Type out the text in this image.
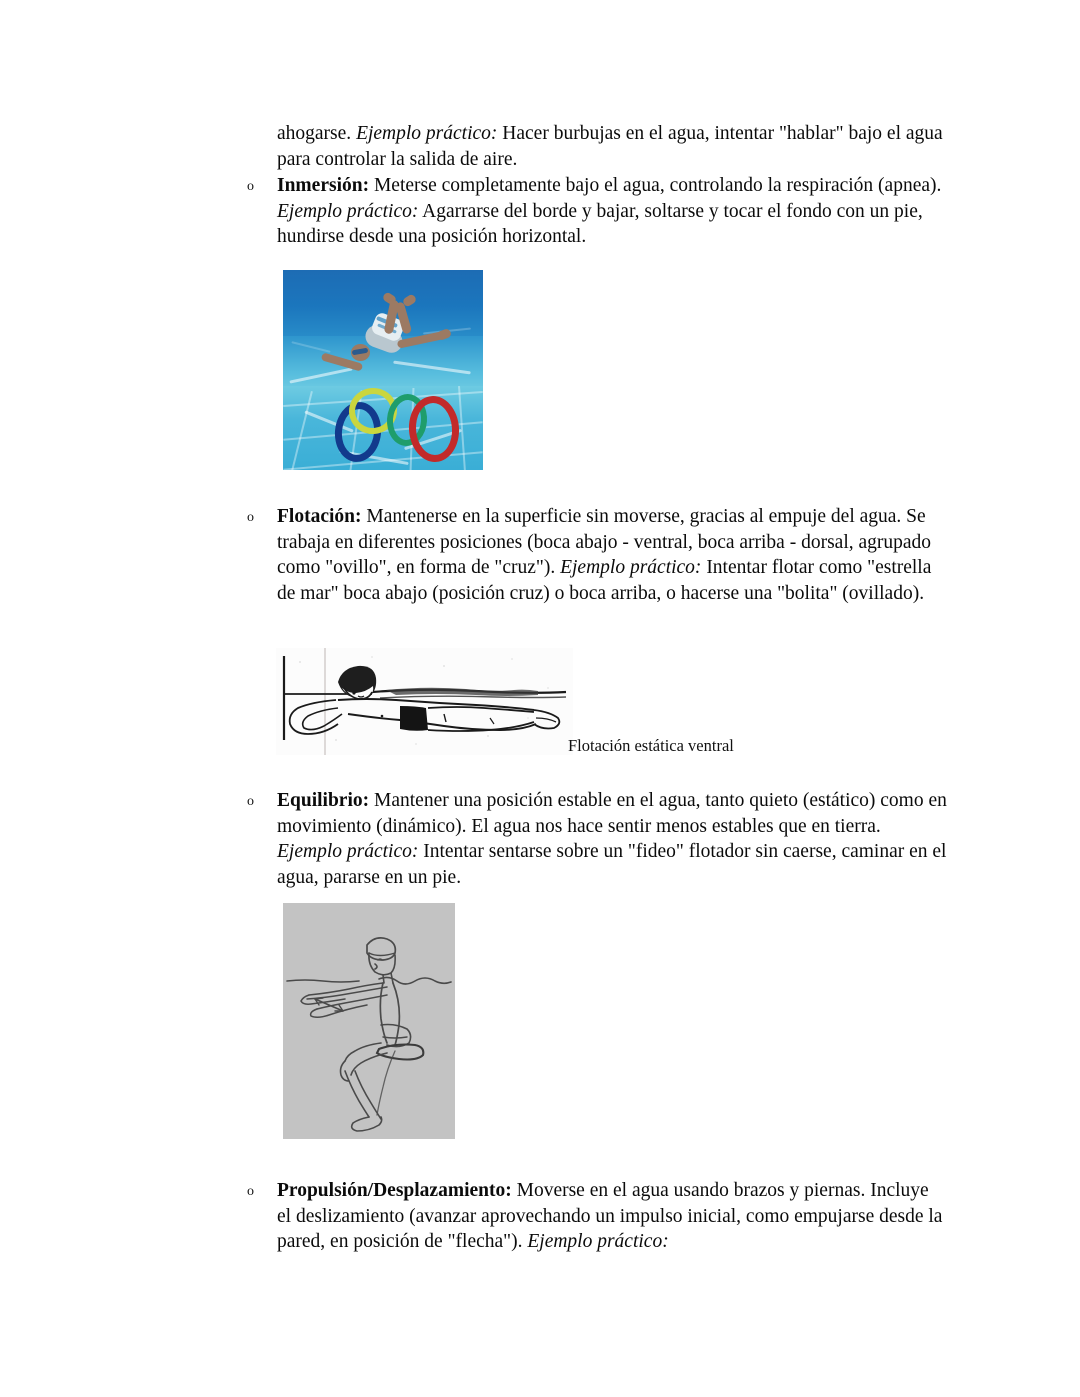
ahogarse. Ejemplo práctico: Hacer burbujas en el agua, intentar "hablar" bajo el agua para controlar la salida de aire.
o Inmersión: Meterse completamente bajo el agua, controlando la respiración (apnea). Ejemplo práctico: Agarrarse del borde y bajar, soltarse y tocar el fondo con un pie, hundirse desde una posición horizontal.
o Flotación: Mantenerse en la superficie sin moverse, gracias al empuje del agua. Se trabaja en diferentes posiciones (boca abajo - ventral, boca arriba - dorsal, agrupado como "ovillo", en forma de "cruz"). Ejemplo práctico: Intentar flotar como "estrella de mar" boca abajo (posición cruz) o boca arriba, o hacerse una "bolita" (ovillado).
Flotación estática ventral
o Equilibrio: Mantener una posición estable en el agua, tanto quieto (estático) como en movimiento (dinámico). El agua nos hace sentir menos estables que en tierra. Ejemplo práctico: Intentar sentarse sobre un "fideo" flotador sin caerse, caminar en el agua, pararse en un pie.
o Propulsión/Desplazamiento: Moverse en el agua usando brazos y piernas. Incluye el deslizamiento (avanzar aprovechando un impulso inicial, como empujarse desde la pared, en posición de "flecha"). Ejemplo práctico:
